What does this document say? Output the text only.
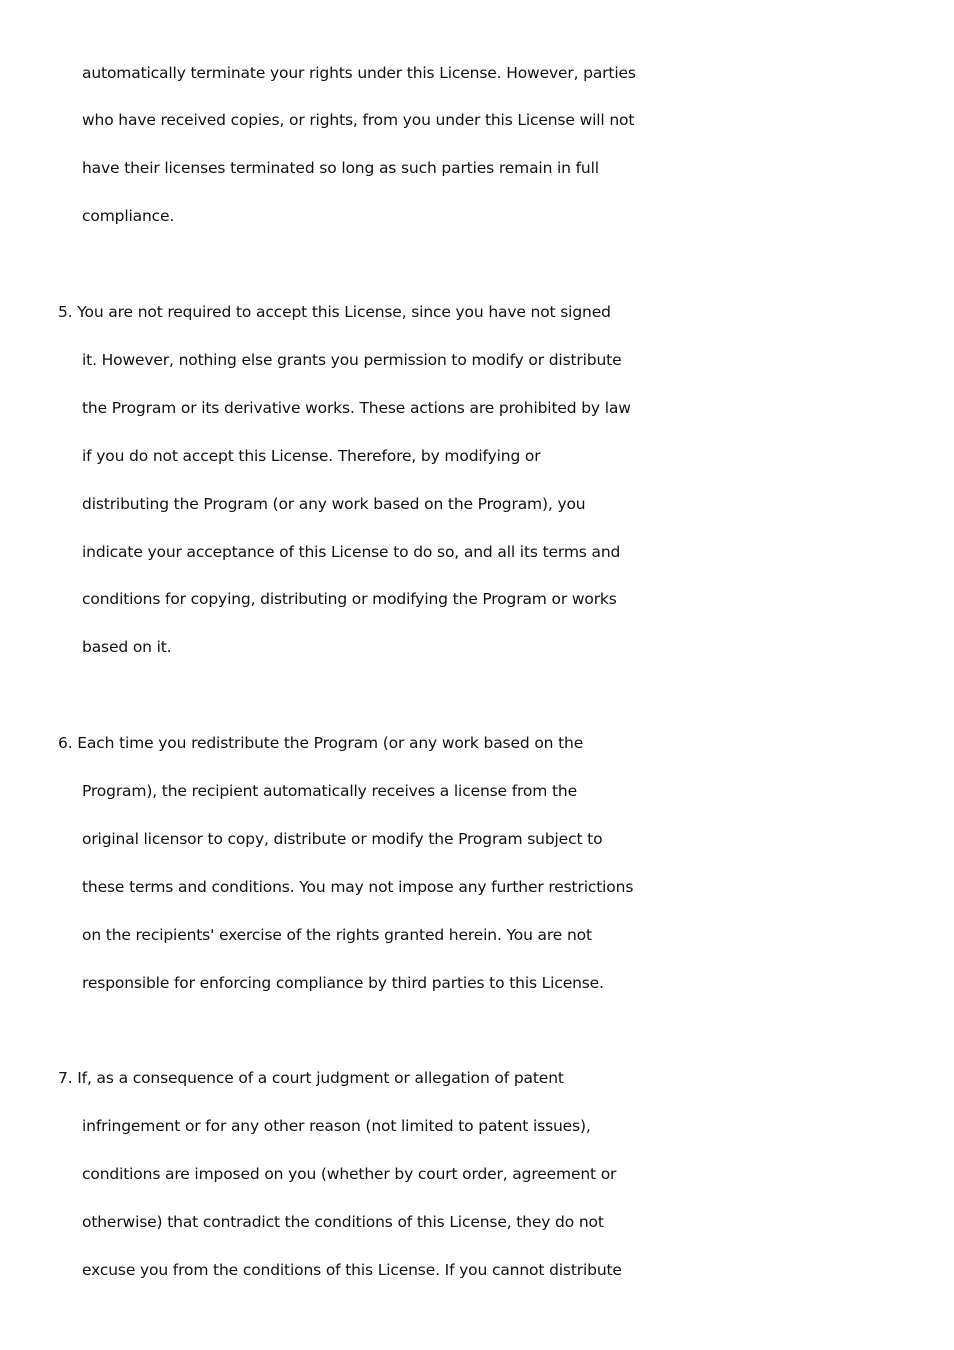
automatically terminate your rights under this License. However, parties

who have received copies, or rights, from you under this License will not

have their licenses terminated so long as such parties remain in full

compliance.

5. You are not required to accept this License, since you have not signed

it. However, nothing else grants you permission to modify or distribute

the Program or its derivative works. These actions are prohibited by law

if you do not accept this License. Therefore, by modifying or

distributing the Program (or any work based on the Program), you

indicate your acceptance of this License to do so, and all its terms and

conditions for copying, distributing or modifying the Program or works

based on it.

6. Each time you redistribute the Program (or any work based on the

Program), the recipient automatically receives a license from the

original licensor to copy, distribute or modify the Program subject to

these terms and conditions. You may not impose any further restrictions

on the recipients' exercise of the rights granted herein. You are not

responsible for enforcing compliance by third parties to this License.

7. If, as a consequence of a court judgment or allegation of patent

infringement or for any other reason (not limited to patent issues),

conditions are imposed on you (whether by court order, agreement or

otherwise) that contradict the conditions of this License, they do not

excuse you from the conditions of this License. If you cannot distribute
